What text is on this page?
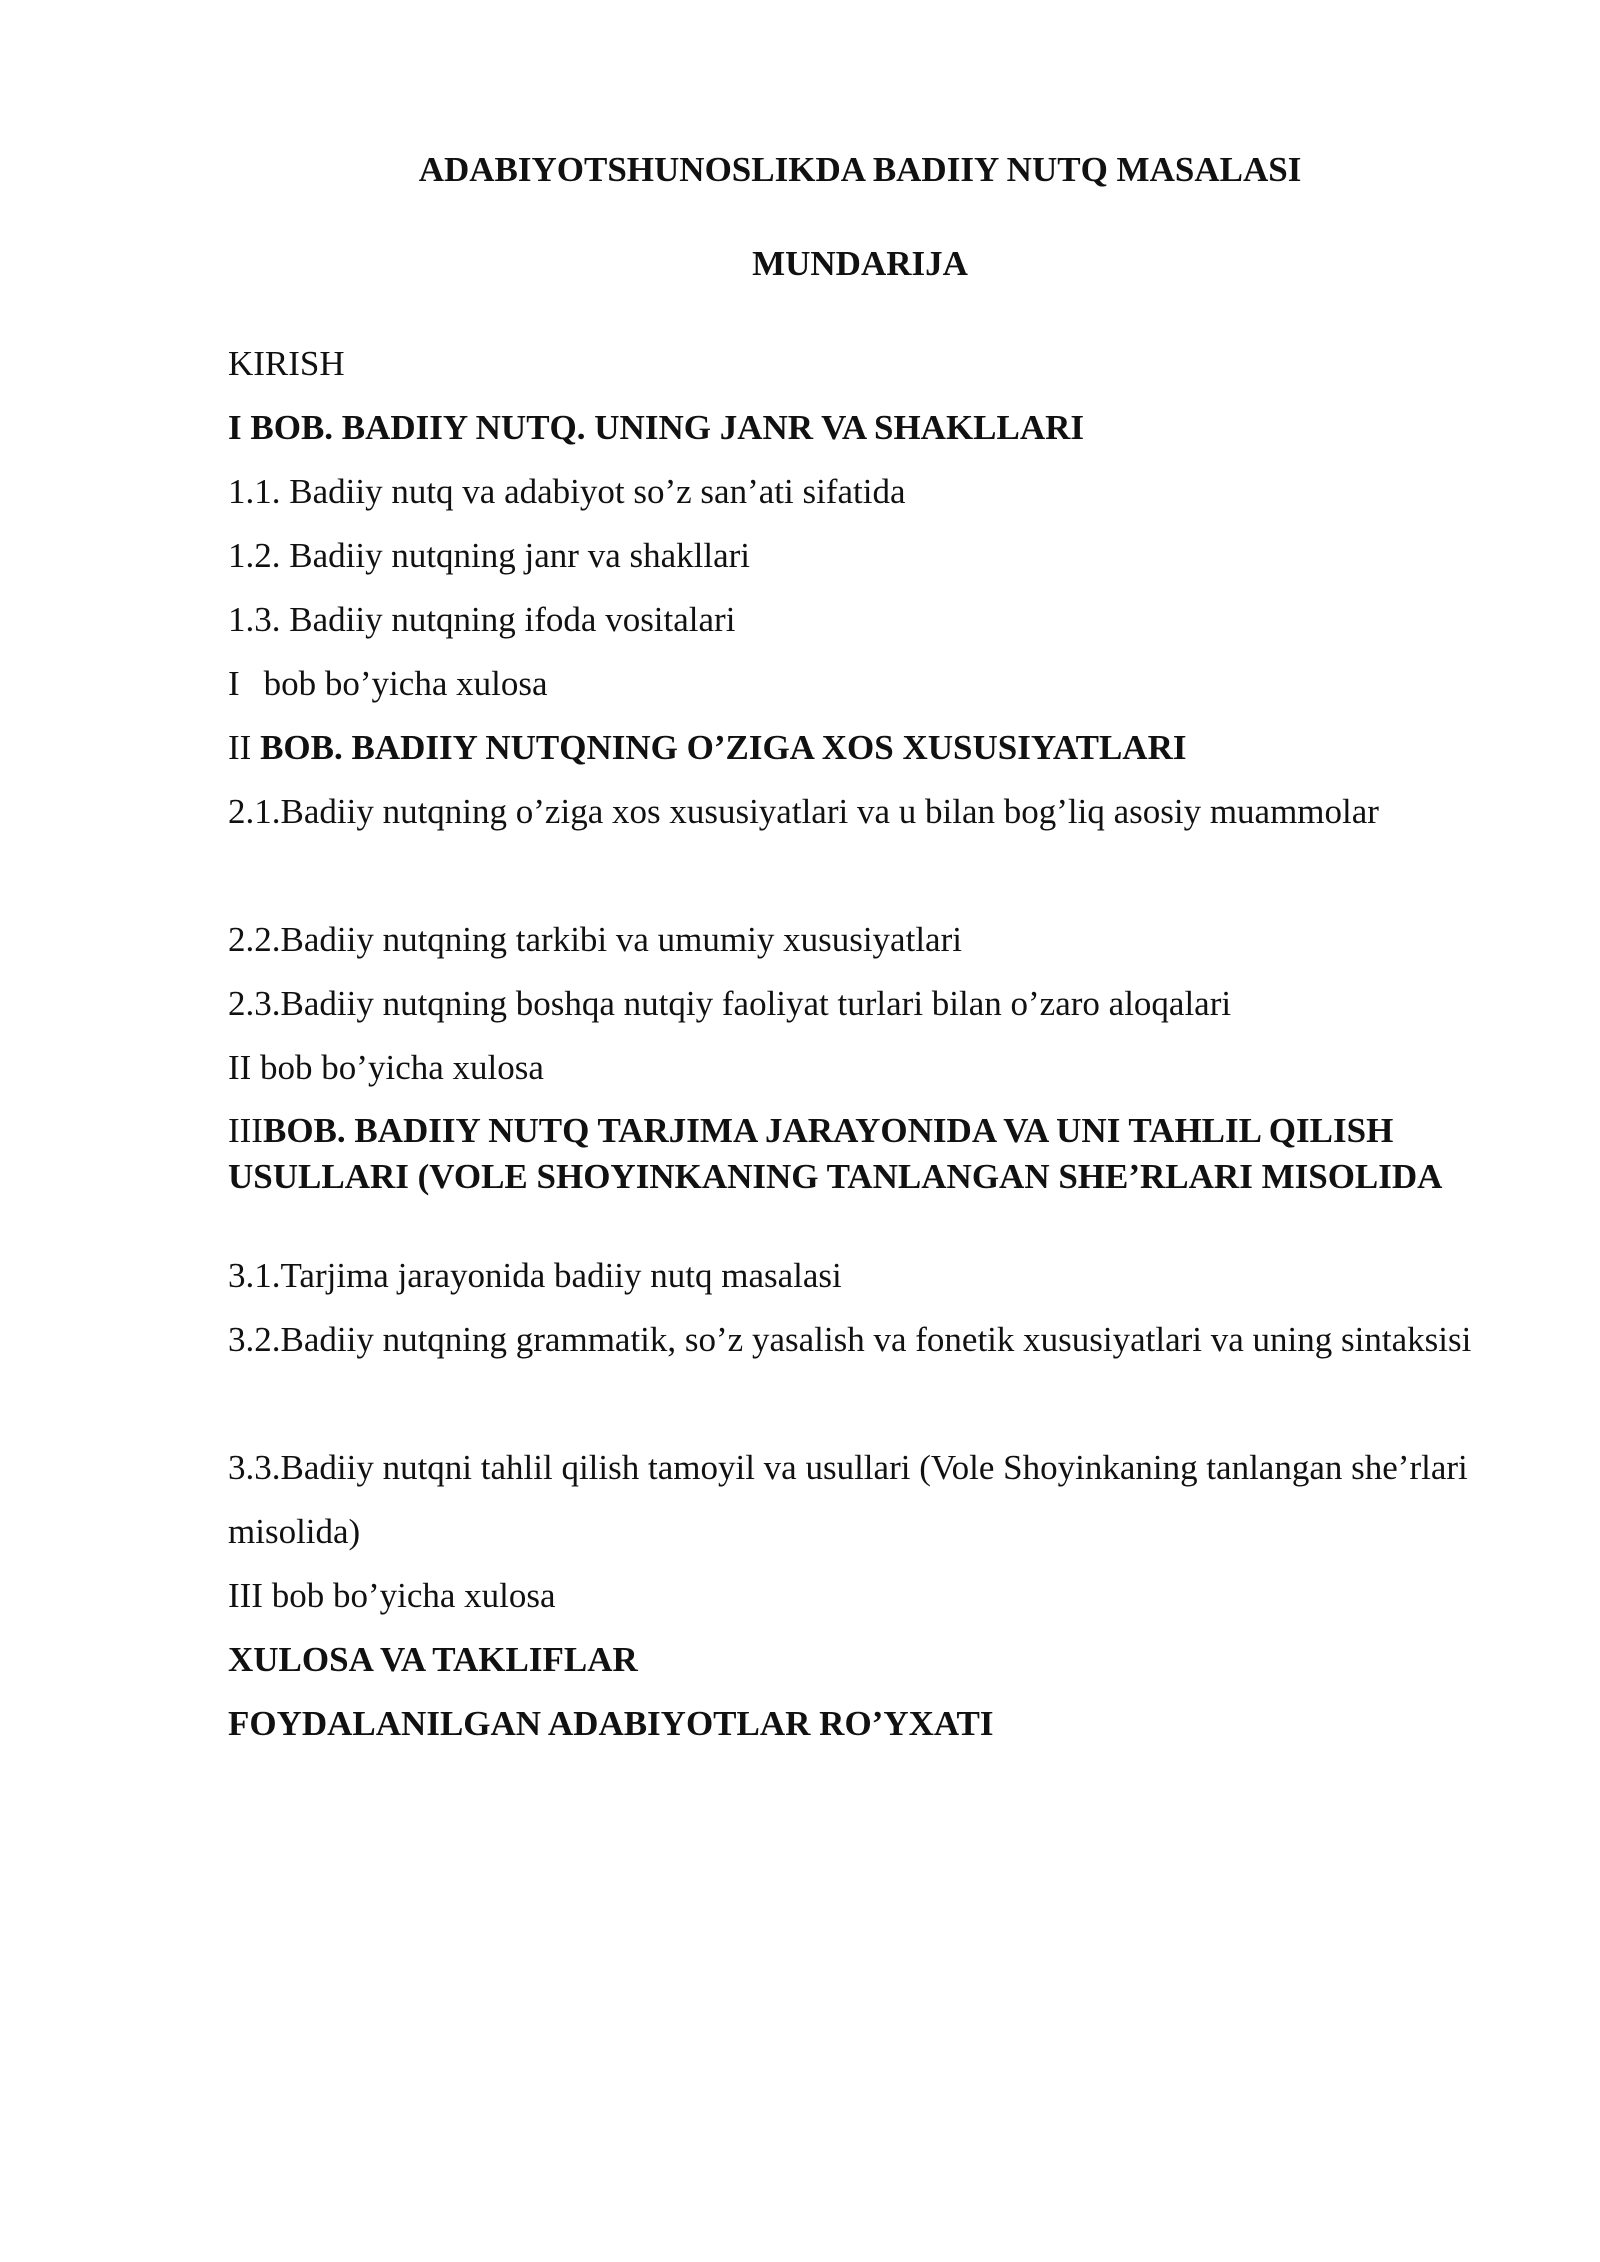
ADABIYOTSHUNOSLIKDA BADIIY NUTQ MASALASI
MUNDARIJA
KIRISH
I BOB. BADIIY NUTQ. UNING JANR VA SHAKLLARI
1.1. Badiiy nutq va adabiyot so’z san’ati sifatida
1.2. Badiiy nutqning janr va shakllari
1.3. Badiiy nutqning ifoda vositalari
I bob bo’yicha xulosa
II BOB. BADIIY NUTQNING O’ZIGA XOS XUSUSIYATLARI
2.1.Badiiy nutqning o’ziga xos xususiyatlari va u bilan bog’liq asosiy muammolar
2.2.Badiiy nutqning tarkibi va umumiy xususiyatlari
2.3.Badiiy nutqning boshqa nutqiy faoliyat turlari bilan o’zaro aloqalari
II bob bo’yicha xulosa
IIIBOB. BADIIY NUTQ TARJIMA JARAYONIDA VA UNI TAHLIL QILISH USULLARI (VOLE SHOYINKANING TANLANGAN SHE’RLARI MISOLIDA
3.1.Tarjima jarayonida badiiy nutq masalasi
3.2.Badiiy nutqning grammatik, so’z yasalish va fonetik xususiyatlari va uning sintaksisi
3.3.Badiiy nutqni tahlil qilish tamoyil va usullari (Vole Shoyinkaning tanlangan she’rlari misolida)
III bob bo’yicha xulosa
XULOSA VA TAKLIFLAR
FOYDALANILGAN ADABIYOTLAR RO’YXATI
